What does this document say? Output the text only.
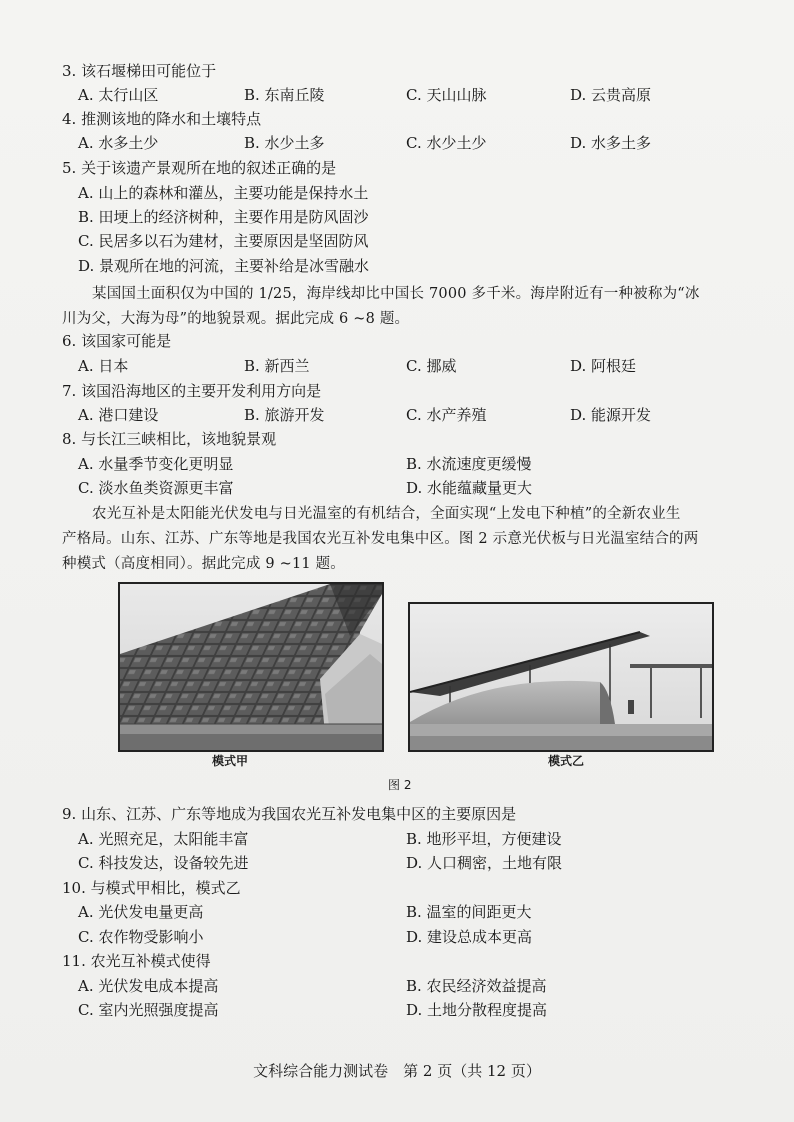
3. 该石堰梯田可能位于
A. 太行山区	B. 东南丘陵	C. 天山山脉	D. 云贵高原
4. 推测该地的降水和土壤特点
A. 水多土少	B. 水少土多	C. 水少土少	D. 水多土多
5. 关于该遗产景观所在地的叙述正确的是
A. 山上的森林和灌丛，主要功能是保持水土
B. 田埂上的经济树种，主要作用是防风固沙
C. 民居多以石为建材，主要原因是坚固防风
D. 景观所在地的河流，主要补给是冰雪融水

某国国土面积仅为中国的 1/25，海岸线却比中国长 7000 多千米。海岸附近有一种被称为“冰

川为父，大海为母”的地貌景观。据此完成 6 ~8 题。

6. 该国家可能是
A. 日本	B. 新西兰	C. 挪威	D. 阿根廷
7. 该国沿海地区的主要开发利用方向是
A. 港口建设	B. 旅游开发	C. 水产养殖	D. 能源开发
8. 与长江三峡相比，该地貌景观
A. 水量季节变化更明显	B. 水流速度更缓慢
C. 淡水鱼类资源更丰富	D. 水能蕴藏量更大

农光互补是太阳能光伏发电与日光温室的有机结合，全面实现“上发电下种植”的全新农业生

产格局。山东、江苏、广东等地是我国农光互补发电集中区。图 2 示意光伏板与日光温室结合的两

种模式（高度相同）。据此完成 9 ~11 题。

模式甲	模式乙
图 2
9. 山东、江苏、广东等地成为我国农光互补发电集中区的主要原因是
A. 光照充足，太阳能丰富	B. 地形平坦，方便建设
C. 科技发达，设备较先进	D. 人口稠密，土地有限
10. 与模式甲相比，模式乙
A. 光伏发电量更高	B. 温室的间距更大
C. 农作物受影响小	D. 建设总成本更高
11. 农光互补模式使得
A. 光伏发电成本提高	B. 农民经济效益提高
C. 室内光照强度提高	D. 土地分散程度提高
文科综合能力测试卷　第 2 页（共 12 页）
